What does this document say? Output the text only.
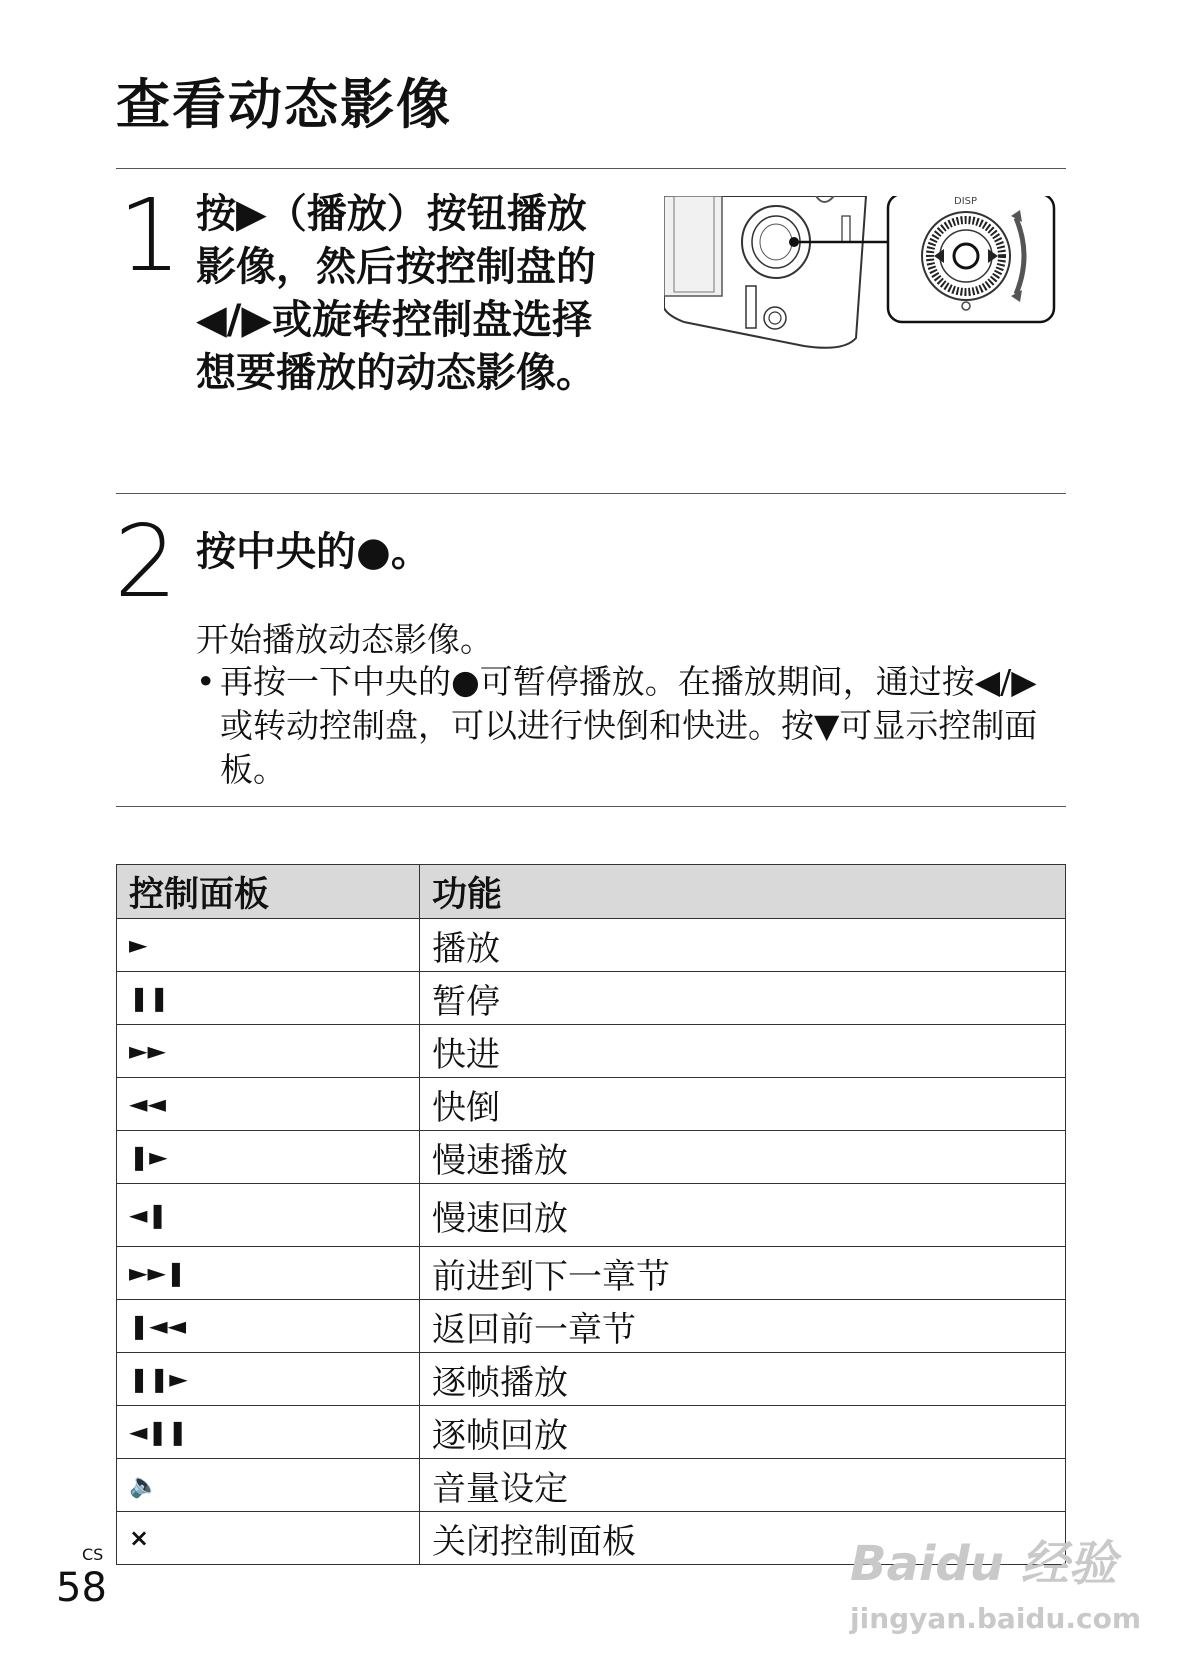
查看动态影像
1 按▶（播放）按钮播放影像，然后按控制盘的◀/▶或旋转控制盘选择想要播放的动态影像。
DISP
2 按中央的●。
开始播放动态影像。
• 再按一下中央的●可暂停播放。在播放期间，通过按◀/▶或转动控制盘，可以进行快倒和快进。按▼可显示控制面板。
控制面板	功能
►	播放
❚❚	暂停
►►	快进
◄◄	快倒
❚►	慢速播放
◄❚	慢速回放
►►❚	前进到下一章节
❚◄◄	返回前一章节
❚❚►	逐帧播放
◄❚❚	逐帧回放
🔈	音量设定
×	关闭控制面板
CS
58	Baidu 经验
jingyan.baidu.com
